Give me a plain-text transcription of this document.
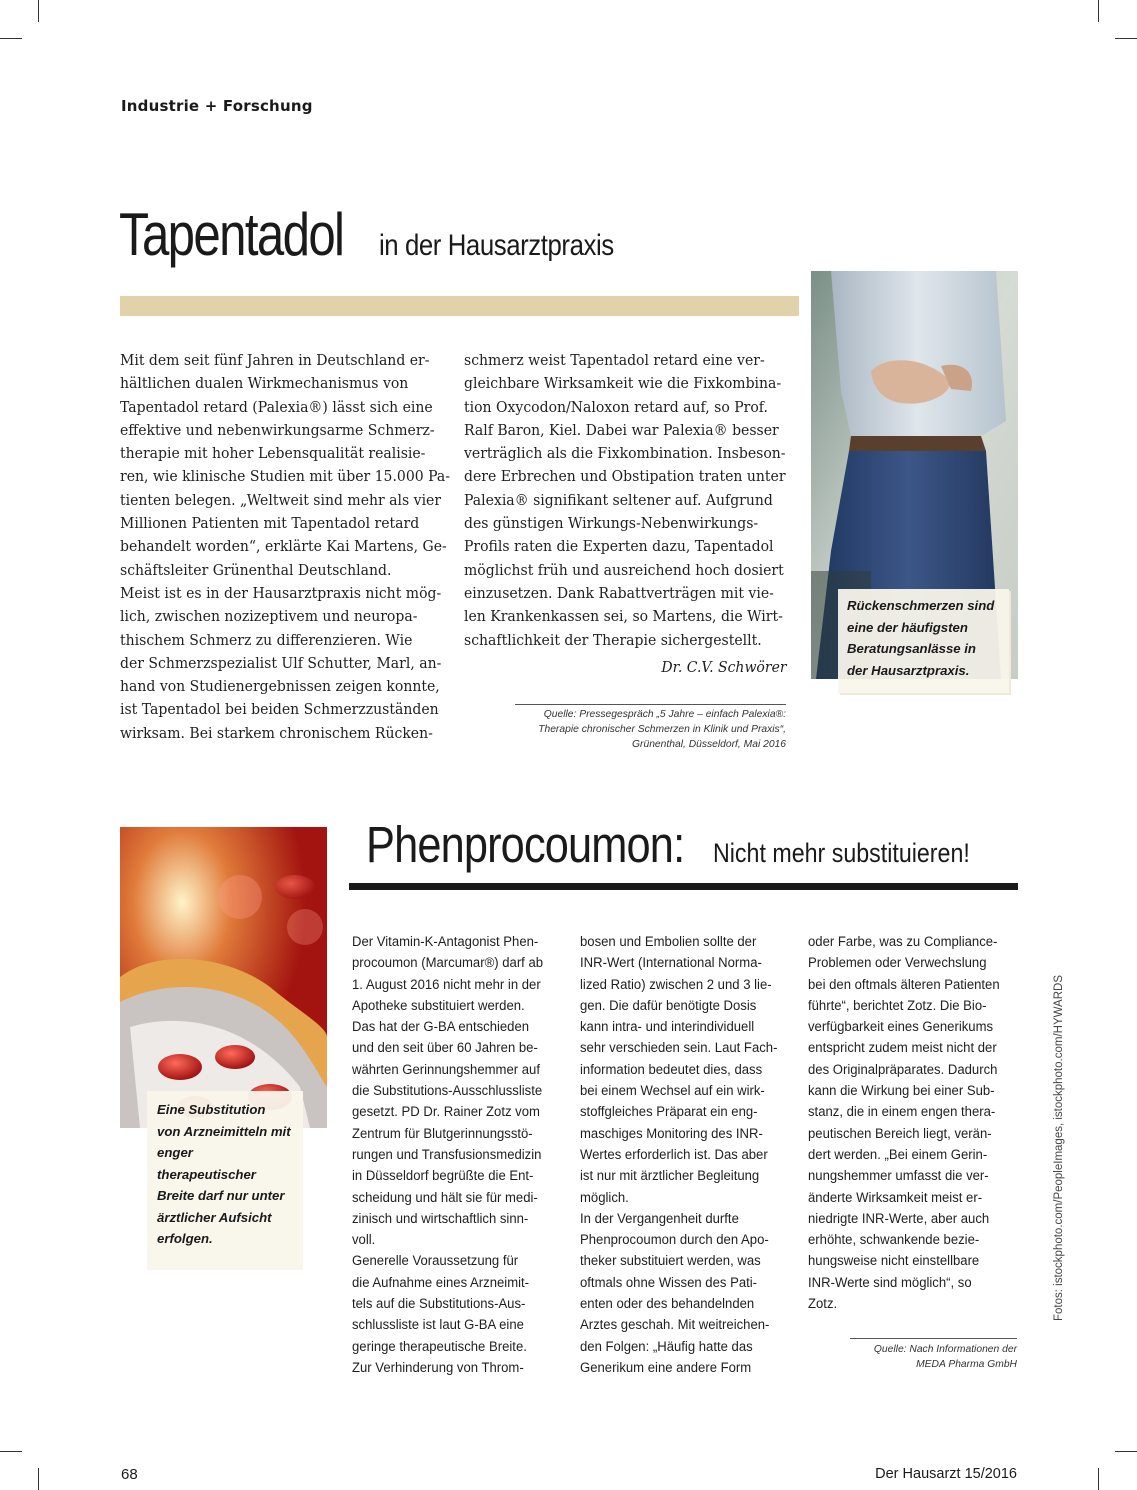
Industrie + Forschung
Tapentadol in der Hausarztpraxis
Mit dem seit fünf Jahren in Deutschland er-
hältlichen dualen Wirkmechanismus von
Tapentadol retard (Palexia®) lässt sich eine
effektive und nebenwirkungsarme Schmerz-
therapie mit hoher Lebensqualität realisie-
ren, wie klinische Studien mit über 15.000 Pa-
tienten belegen. „Weltweit sind mehr als vier
Millionen Patienten mit Tapentadol retard
behandelt worden“, erklärte Kai Martens, Ge-
schäftsleiter Grünenthal Deutschland.
Meist ist es in der Hausarztpraxis nicht mög-
lich, zwischen nozizeptivem und neuropa-
thischem Schmerz zu differenzieren. Wie
der Schmerzspezialist Ulf Schutter, Marl, an-
hand von Studienergebnissen zeigen konnte,
ist Tapentadol bei beiden Schmerzzuständen
wirksam. Bei starkem chronischem Rücken-
schmerz weist Tapentadol retard eine ver-
gleichbare Wirksamkeit wie die Fixkombina-
tion Oxycodon/Naloxon retard auf, so Prof.
Ralf Baron, Kiel. Dabei war Palexia® besser
verträglich als die Fixkombination. Insbeson-
dere Erbrechen und Obstipation traten unter
Palexia® signifikant seltener auf. Aufgrund
des günstigen Wirkungs-Nebenwirkungs-
Profils raten die Experten dazu, Tapentadol
möglichst früh und ausreichend hoch dosiert
einzusetzen. Dank Rabattverträgen mit vie-
len Krankenkassen sei, so Martens, die Wirt-
schaftlichkeit der Therapie sichergestellt.
Dr. C.V. Schwörer
Quelle: Pressegespräch „5 Jahre – einfach Palexia®:
Therapie chronischer Schmerzen in Klinik und Praxis“,
Grünenthal, Düsseldorf, Mai 2016
Rückenschmerzen sind
eine der häufigsten
Beratungsanlässe in
der Hausarztpraxis.
Eine Substitution
von Arzneimitteln mit
enger therapeutischer
Breite darf nur unter
ärztlicher Aufsicht
erfolgen.
Phenprocoumon: Nicht mehr substituieren!
Der Vitamin-K-Antagonist Phen-
procoumon (Marcumar®) darf ab
1. August 2016 nicht mehr in der
Apotheke substituiert werden.
Das hat der G-BA entschieden
und den seit über 60 Jahren be-
währten Gerinnungshemmer auf
die Substitutions-Ausschlussliste
gesetzt. PD Dr. Rainer Zotz vom
Zentrum für Blutgerinnungsstö-
rungen und Transfusionsmedizin
in Düsseldorf begrüßte die Ent-
scheidung und hält sie für medi-
zinisch und wirtschaftlich sinn-
voll.
Generelle Voraussetzung für
die Aufnahme eines Arzneimit-
tels auf die Substitutions-Aus-
schlussliste ist laut G-BA eine
geringe therapeutische Breite.
Zur Verhinderung von Throm-
bosen und Embolien sollte der
INR-Wert (International Norma-
lized Ratio) zwischen 2 und 3 lie-
gen. Die dafür benötigte Dosis
kann intra- und interindividuell
sehr verschieden sein. Laut Fach-
information bedeutet dies, dass
bei einem Wechsel auf ein wirk-
stoffgleiches Präparat ein eng-
maschiges Monitoring des INR-
Wertes erforderlich ist. Das aber
ist nur mit ärztlicher Begleitung
möglich.
In der Vergangenheit durfte
Phenprocoumon durch den Apo-
theker substituiert werden, was
oftmals ohne Wissen des Pati-
enten oder des behandelnden
Arztes geschah. Mit weitreichen-
den Folgen: „Häufig hatte das
Generikum eine andere Form
oder Farbe, was zu Compliance-
Problemen oder Verwechslung
bei den oftmals älteren Patienten
führte“, berichtet Zotz. Die Bio-
verfügbarkeit eines Generikums
entspricht zudem meist nicht der
des Originalpräparates. Dadurch
kann die Wirkung bei einer Sub-
stanz, die in einem engen thera-
peutischen Bereich liegt, verän-
dert werden. „Bei einem Gerin-
nungshemmer umfasst die ver-
änderte Wirksamkeit meist er-
niedrigte INR-Werte, aber auch
erhöhte, schwankende bezie-
hungsweise nicht einstellbare
INR-Werte sind möglich“, so
Zotz.
Quelle: Nach Informationen der
MEDA Pharma GmbH
Fotos: istockphoto.com/PeopleImages, istockphoto.com/HYWARDS
68	Der Hausarzt 15/2016
